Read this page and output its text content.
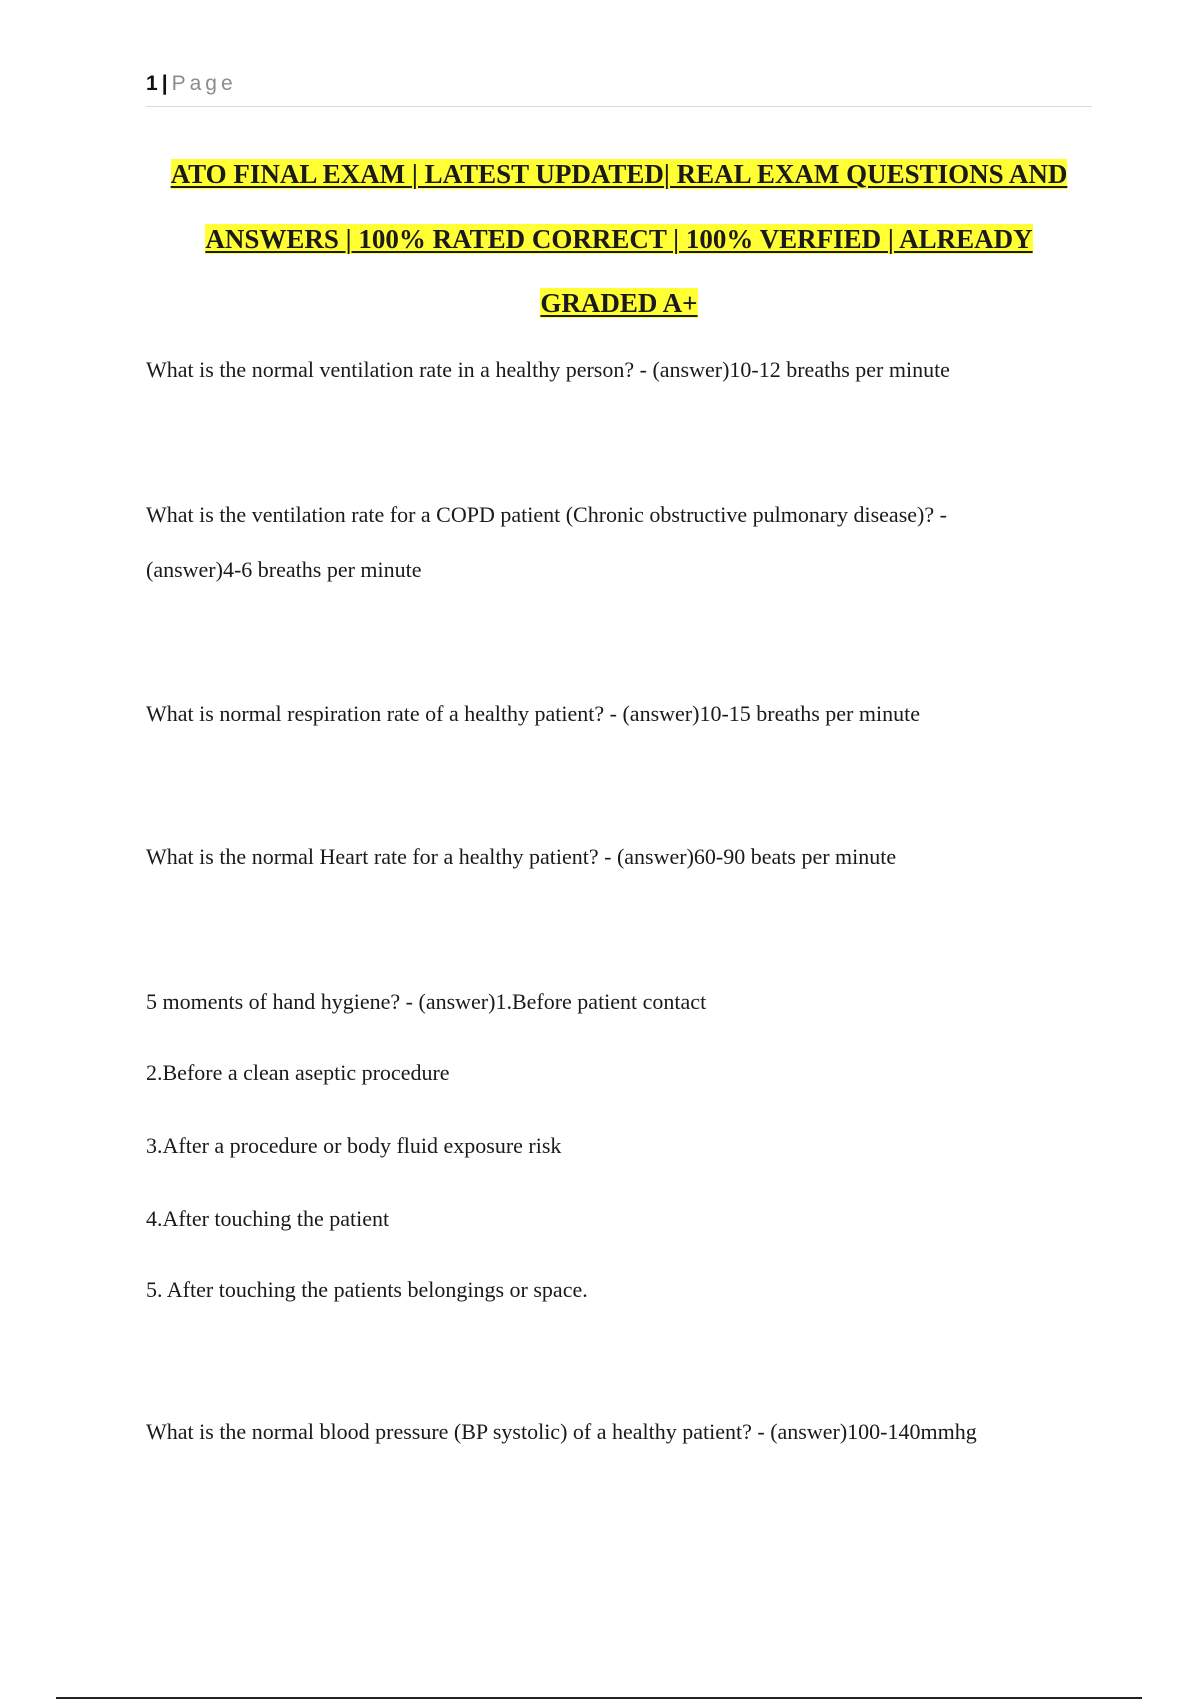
1 | Page
ATO FINAL EXAM | LATEST UPDATED| REAL EXAM QUESTIONS AND
ANSWERS | 100% RATED CORRECT | 100% VERFIED | ALREADY
GRADED A+
What is the normal ventilation rate in a healthy person? - (answer)10-12 breaths per minute
What is the ventilation rate for a COPD patient (Chronic obstructive pulmonary disease)? -
(answer)4-6 breaths per minute
What is normal respiration rate of a healthy patient? - (answer)10-15 breaths per minute
What is the normal Heart rate for a healthy patient? - (answer)60-90 beats per minute
5 moments of hand hygiene? - (answer)1.Before patient contact
2.Before a clean aseptic procedure
3.After a procedure or body fluid exposure risk
4.After touching the patient
5. After touching the patients belongings or space.
What is the normal blood pressure (BP systolic) of a healthy patient? - (answer)100-140mmhg
